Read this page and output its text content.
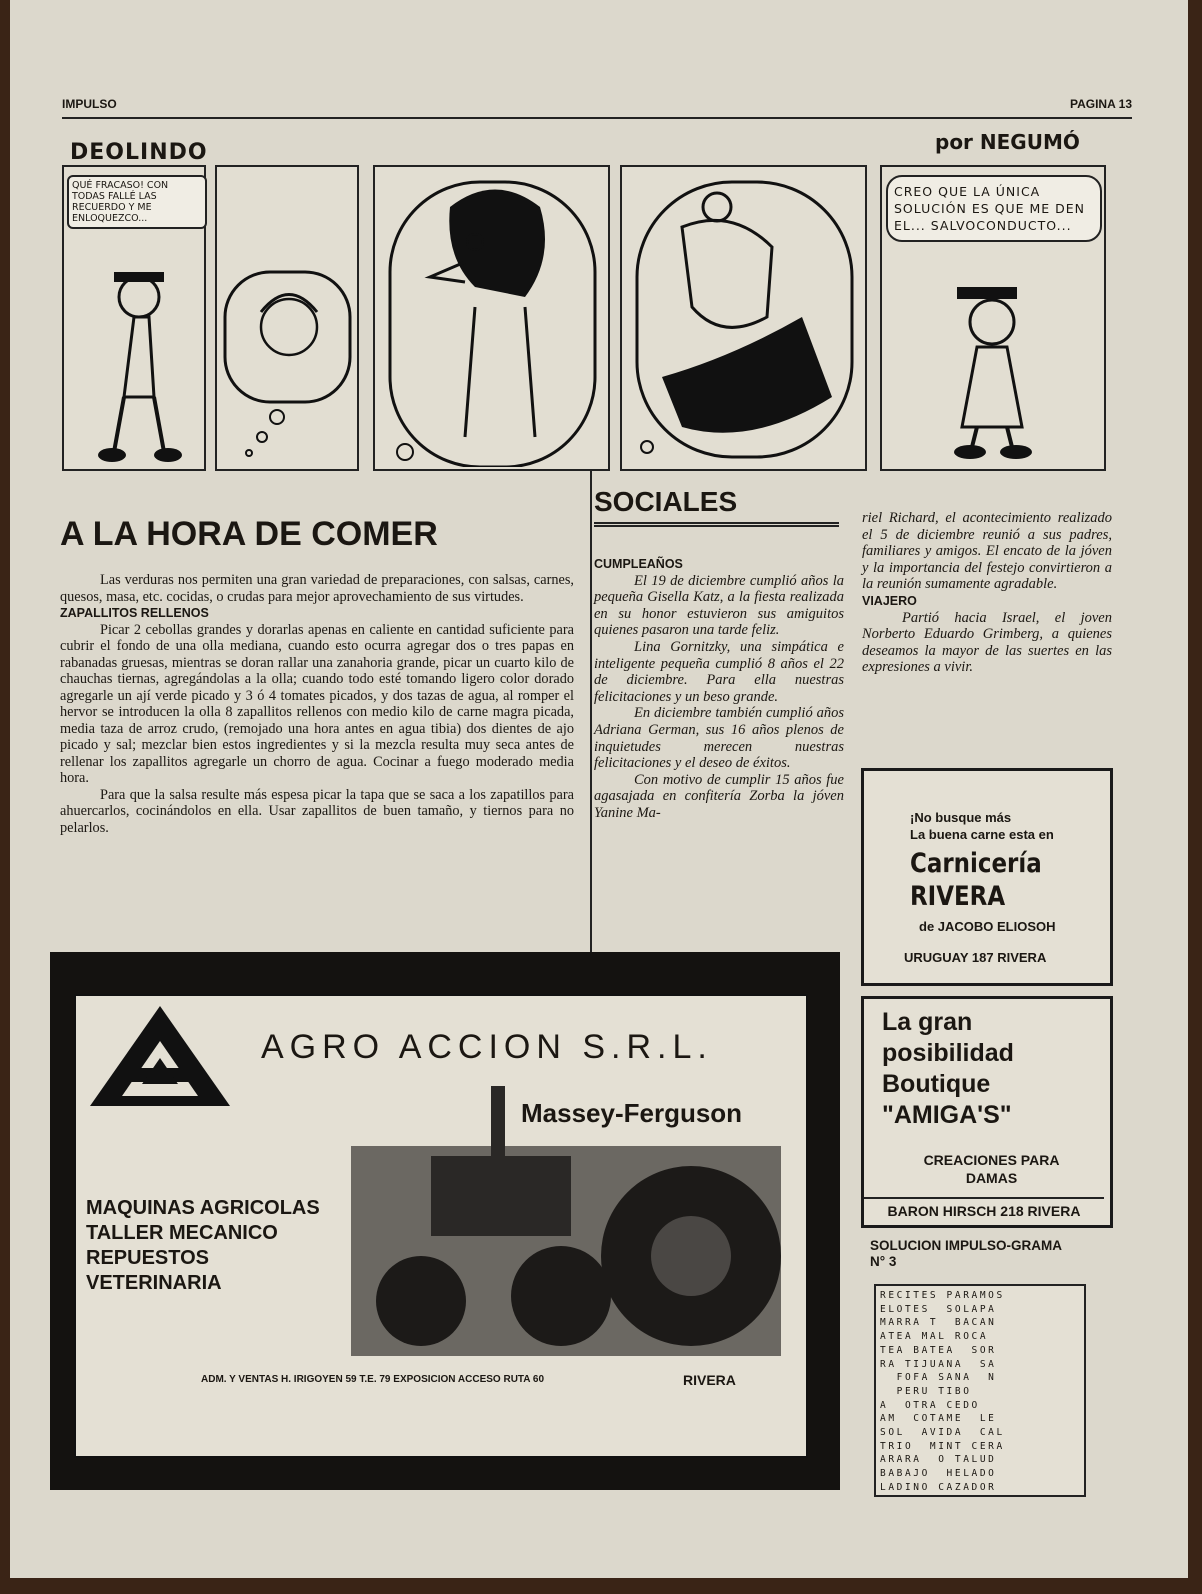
IMPULSO	PAGINA 13
DEOLINDO	por NEGUMÓ
QUÉ FRACASO! CON TODAS FALLÉ LAS RECUERDO Y ME ENLOQUEZCO...
CREO QUE LA ÚNICA SOLUCIÓN ES QUE ME DEN EL... SALVOCONDUCTO...
A LA HORA DE COMER

Las verduras nos permiten una gran variedad de preparaciones, con salsas, carnes, quesos, masa, etc. cocidas, o crudas para mejor aprovechamiento de sus virtudes.

ZAPALLITOS RELLENOS

Picar 2 cebollas grandes y dorarlas apenas en caliente en cantidad suficiente para cubrir el fondo de una olla mediana, cuando esto ocurra agregar dos o tres papas en rabanadas gruesas, mientras se doran rallar una zanahoria grande, picar un cuarto kilo de chauchas tiernas, agregándolas a la olla; cuando todo esté tomando ligero color dorado agregarle un ají verde picado y 3 ó 4 tomates picados, y dos tazas de agua, al romper el hervor se introducen la olla 8 zapallitos rellenos con medio kilo de carne magra picada, media taza de arroz crudo, (remojado una hora antes en agua tibia) dos dientes de ajo picado y sal; mezclar bien estos ingredientes y si la mezcla resulta muy seca antes de rellenar los zapallitos agregarle un chorro de agua. Cocinar a fuego moderado media hora.

Para que la salsa resulte más espesa picar la tapa que se saca a los zapatillos para ahuercarlos, cocinándolos en ella. Usar zapallitos de buen tamaño, y tiernos para no pelarlos.

SOCIALES

CUMPLEAÑOS

El 19 de diciembre cumplió años la pequeña Gisella Katz, a la fiesta realizada en su honor estuvieron sus amiguitos quienes pasaron una tarde feliz.

Lina Gornitzky, una simpática e inteligente pequeña cumplió 8 años el 22 de diciembre. Para ella nuestras felicitaciones y un beso grande.

En diciembre también cumplió años Adriana German, sus 16 años plenos de inquietudes merecen nuestras felicitaciones y el deseo de éxitos.

Con motivo de cumplir 15 años fue agasajada en confitería Zorba la jóven Yanine Ma-

riel Richard, el acontecimiento realizado el 5 de diciembre reunió a sus padres, familiares y amigos. El encato de la jóven y la importancia del festejo convirtieron a la reunión sumamente agradable.

VIAJERO

Partió hacia Israel, el joven Norberto Eduardo Grimberg, a quienes deseamos la mayor de las suertes en las expresiones a vivir.

¡No busque más
La buena carne esta en
Carnicería
RIVERA
de JACOBO ELIOSOH
URUGUAY 187 RIVERA
La gran
posibilidad
Boutique
"AMIGA'S"
CREACIONES PARA DAMAS
BARON HIRSCH 218 RIVERA
AGRO ACCION S.R.L.
Massey-Ferguson
MAQUINAS AGRICOLAS
TALLER MECANICO
REPUESTOS
VETERINARIA
ADM. Y VENTAS H. IRIGOYEN 59 T.E. 79 EXPOSICION ACCESO RUTA 60	RIVERA
SOLUCION IMPULSO-GRAMA
N° 3
RECITES PARAMOS
ELOTES  SOLAPA
MARRA T  BACAN
ATEA MAL ROCA
TEA BATEA  SOR
RA TIJUANA  SA
FOFA SANA  N
PERU TIBO
A  OTRA CEDO
AM  COTAME  LE
SOL  AVIDA  CAL
TRIO  MINT CERA
ARARA  O TALUD
BABAJO  HELADO
LADINO CAZADOR
